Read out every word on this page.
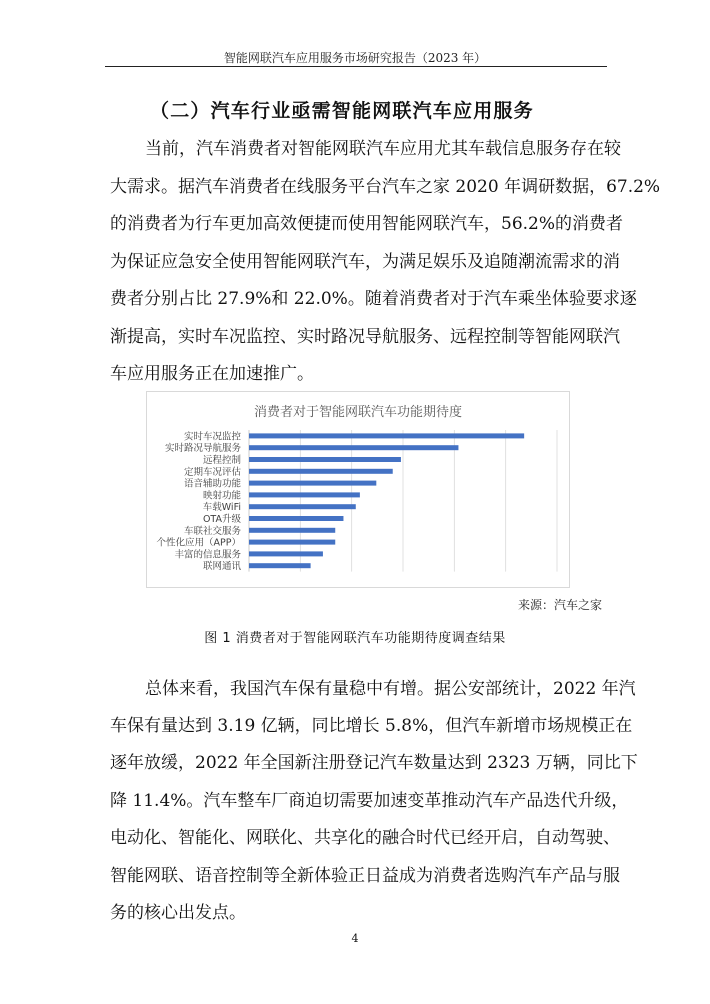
智能网联汽车应用服务市场研究报告（2023 年）
（二）汽车行业亟需智能网联汽车应用服务
当前，汽车消费者对智能网联汽车应用尤其车载信息服务存在较
大需求。据汽车消费者在线服务平台汽车之家 2020 年调研数据，67.2%
的消费者为行车更加高效便捷而使用智能网联汽车，56.2%的消费者
为保证应急安全使用智能网联汽车，为满足娱乐及追随潮流需求的消
费者分别占比 27.9%和 22.0%。随着消费者对于汽车乘坐体验要求逐
渐提高，实时车况监控、实时路况导航服务、远程控制等智能网联汽
车应用服务正在加速推广。
消费者对于智能网联汽车功能期待度
实时车况监控
实时路况导航服务
远程控制
定期车况评估
语音辅助功能
映射功能
车载WiFi
OTA升级
车联社交服务
个性化应用（APP）
丰富的信息服务
联网通讯
来源：汽车之家
图 1 消费者对于智能网联汽车功能期待度调查结果
总体来看，我国汽车保有量稳中有增。据公安部统计，2022 年汽
车保有量达到 3.19 亿辆，同比增长 5.8%，但汽车新增市场规模正在
逐年放缓，2022 年全国新注册登记汽车数量达到 2323 万辆，同比下
降 11.4%。汽车整车厂商迫切需要加速变革推动汽车产品迭代升级，
电动化、智能化、网联化、共享化的融合时代已经开启，自动驾驶、
智能网联、语音控制等全新体验正日益成为消费者选购汽车产品与服
务的核心出发点。
4
